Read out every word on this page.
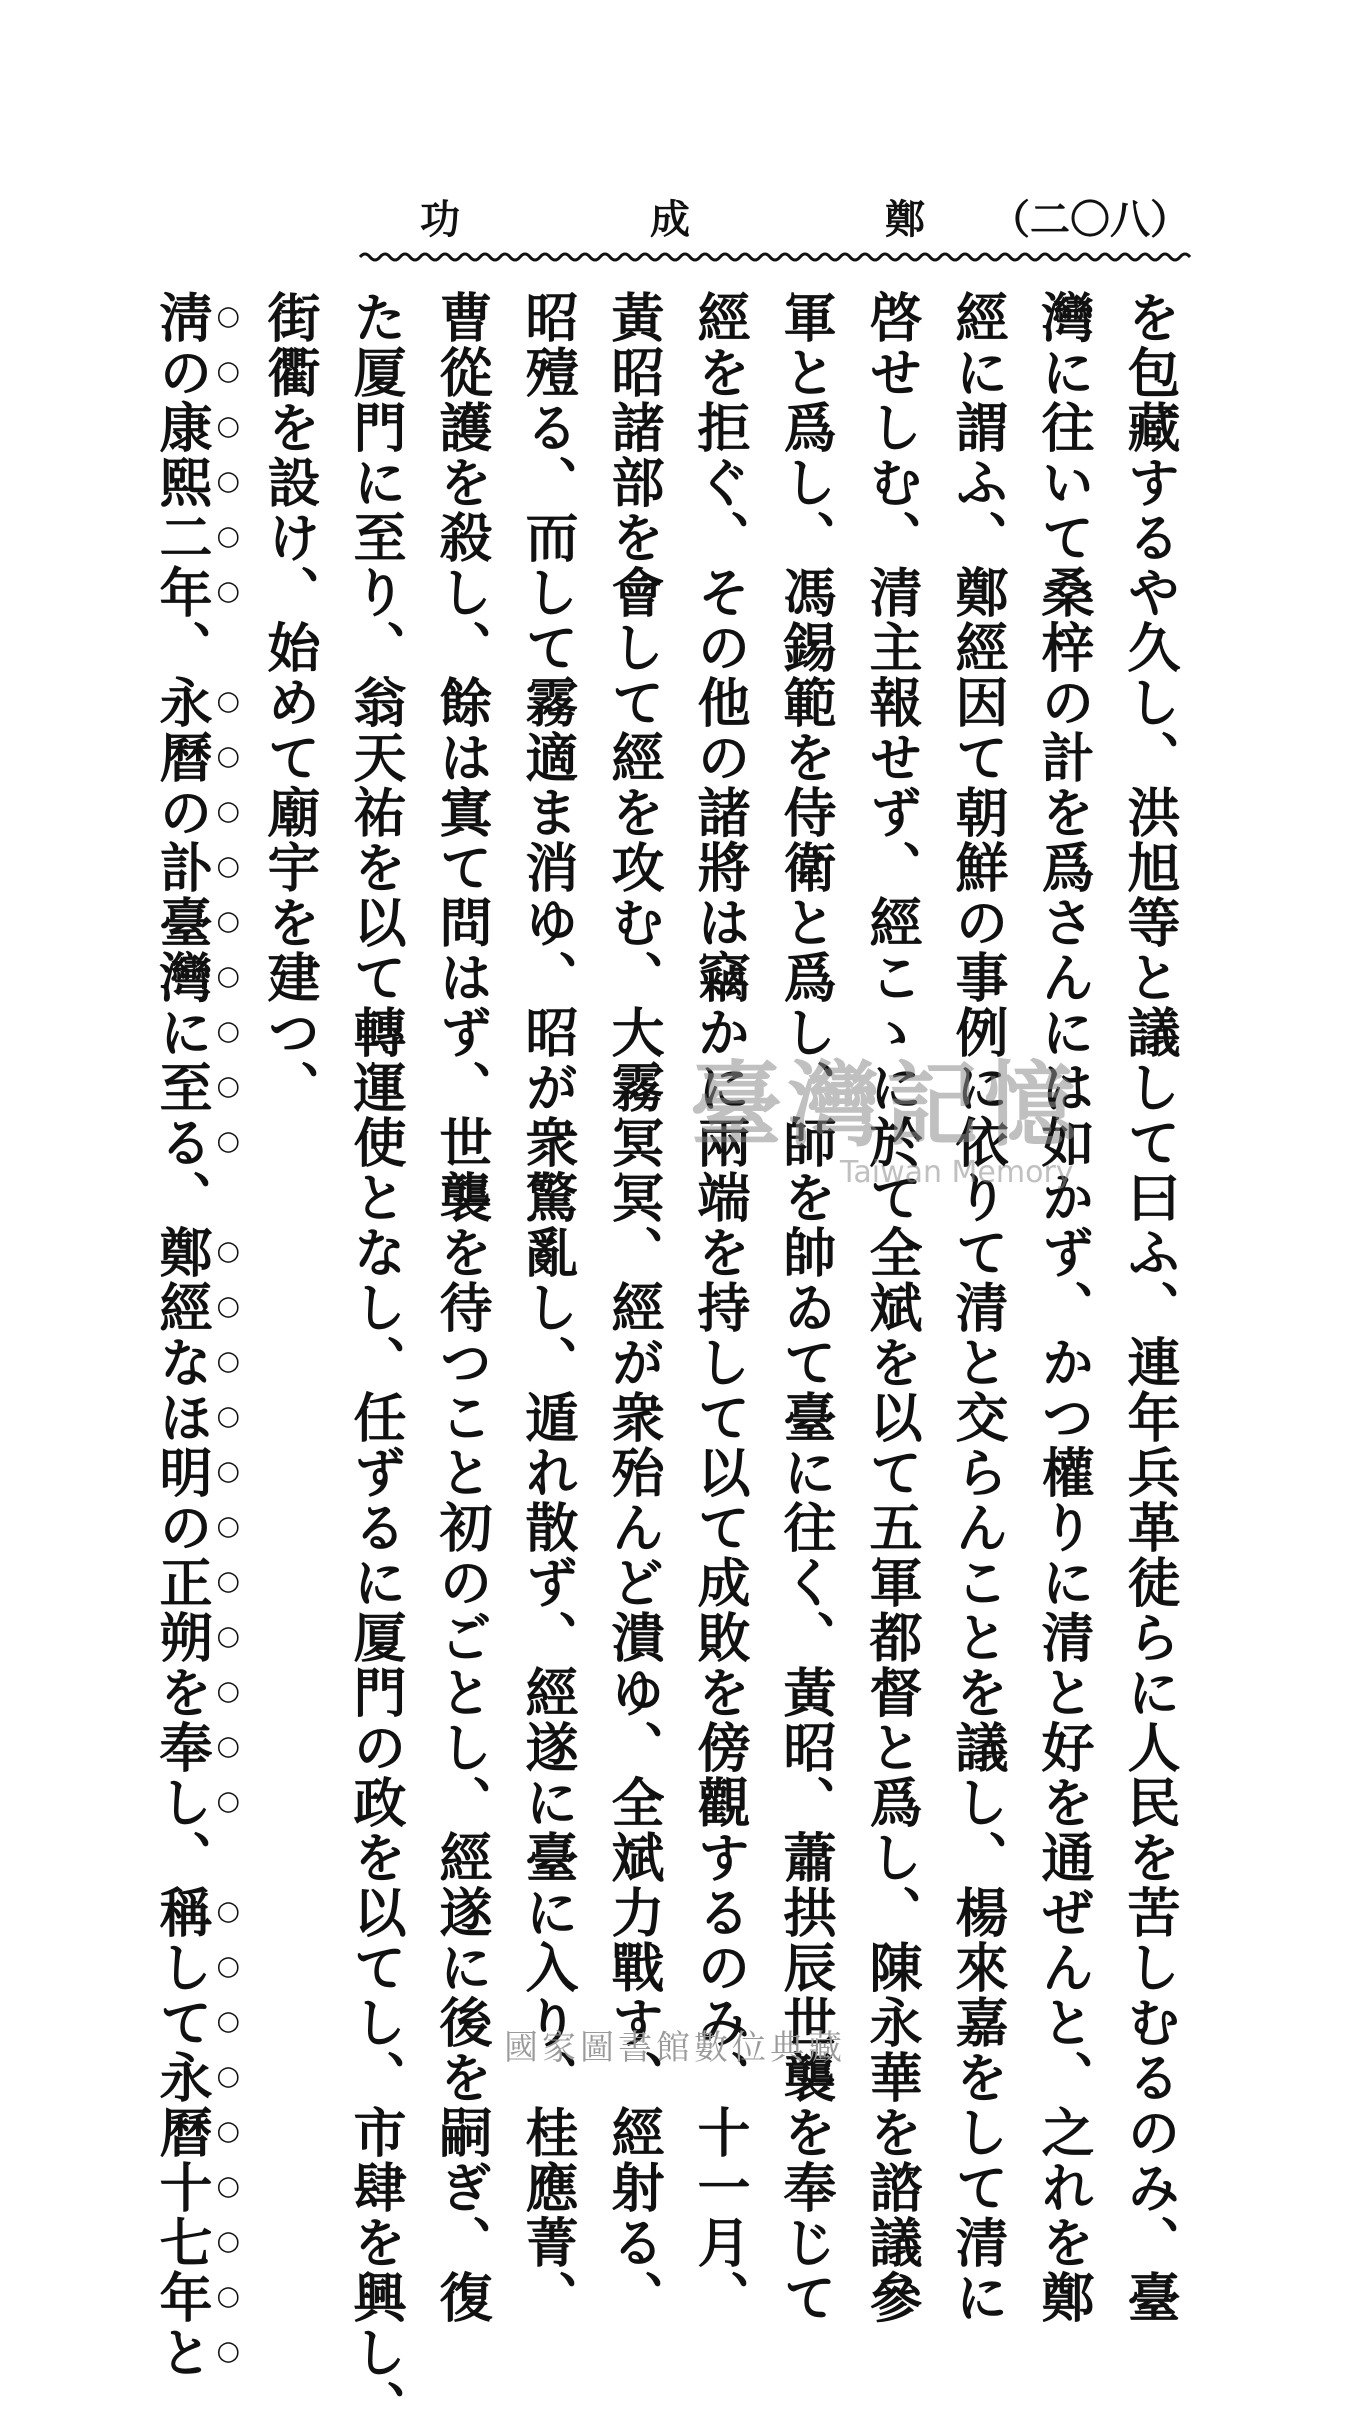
（二〇八）
鄭
成
功
を包藏するや久し、洪旭等と議して曰ふ、連年兵革徒らに人民を苦しむるのみ、臺
灣に往いて桑梓の計を爲さんには如かず、かつ權りに清と好を通ぜんと、之れを鄭
經に謂ふ、鄭經因て朝鮮の事例に依りて清と交らんことを議し、楊來嘉をして清に
啓せしむ、清主報せず、經こゝに於て全斌を以て五軍都督と爲し、陳永華を諮議參
軍と爲し、馮錫範を侍衛と爲し、師を帥ゐて臺に往く、黃昭、蕭拱辰世襲を奉じて
經を拒ぐ、その他の諸將は竊かに兩端を持して以て成敗を傍觀するのみ、十一月、
黃昭諸部を會して經を攻む、大霧冥冥、經が衆殆んど潰ゆ、全斌力戰す、經射る、
昭殪る、而して霧適ま消ゆ、昭が衆驚亂し、遁れ散ず、經遂に臺に入り、桂應菁、
曹從護を殺し、餘は寘て問はず、世襲を待つこと初のごとし、經遂に後を嗣ぎ、復
た厦門に至り、翁天祐を以て轉運使となし、任ずるに厦門の政を以てし、市肆を興し、
街衢を設け、始めて廟宇を建つ、
淸の康熙二年、永曆の訃臺灣に至る、鄭經なほ明の正朔を奉し、稱して永曆十七年と	臺灣記憶
Taiwan Memory
國家圖書館數位典藏
